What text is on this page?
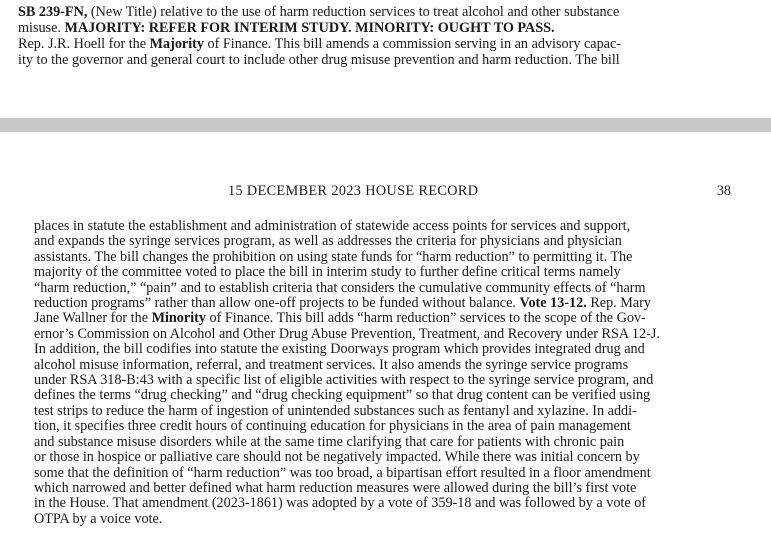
SB 239-FN, (New Title) relative to the use of harm reduction services to treat alcohol and other substance
misuse. MAJORITY: REFER FOR INTERIM STUDY. MINORITY: OUGHT TO PASS.
Rep. J.R. Hoell for the Majority of Finance. This bill amends a commission serving in an advisory capac-
ity to the governor and general court to include other drug misuse prevention and harm reduction. The bill
15 DECEMBER 2023 HOUSE RECORD	38
places in statute the establishment and administration of statewide access points for services and support,
and expands the syringe services program, as well as addresses the criteria for physicians and physician
assistants. The bill changes the prohibition on using state funds for “harm reduction” to permitting it. The
majority of the committee voted to place the bill in interim study to further define critical terms namely
“harm reduction,” “pain” and to establish criteria that considers the cumulative community effects of “harm
reduction programs” rather than allow one-off projects to be funded without balance. Vote 13-12. Rep. Mary
Jane Wallner for the Minority of Finance. This bill adds “harm reduction” services to the scope of the Gov-
ernor’s Commission on Alcohol and Other Drug Abuse Prevention, Treatment, and Recovery under RSA 12-J.
In addition, the bill codifies into statute the existing Doorways program which provides integrated drug and
alcohol misuse information, referral, and treatment services. It also amends the syringe service programs
under RSA 318-B:43 with a specific list of eligible activities with respect to the syringe service program, and
defines the terms “drug checking” and “drug checking equipment” so that drug content can be verified using
test strips to reduce the harm of ingestion of unintended substances such as fentanyl and xylazine. In addi-
tion, it specifies three credit hours of continuing education for physicians in the area of pain management
and substance misuse disorders while at the same time clarifying that care for patients with chronic pain
or those in hospice or palliative care should not be negatively impacted. While there was initial concern by
some that the definition of “harm reduction” was too broad, a bipartisan effort resulted in a floor amendment
which narrowed and better defined what harm reduction measures were allowed during the bill’s first vote
in the House. That amendment (2023-1861) was adopted by a vote of 359-18 and was followed by a vote of
OTPA by a voice vote.
